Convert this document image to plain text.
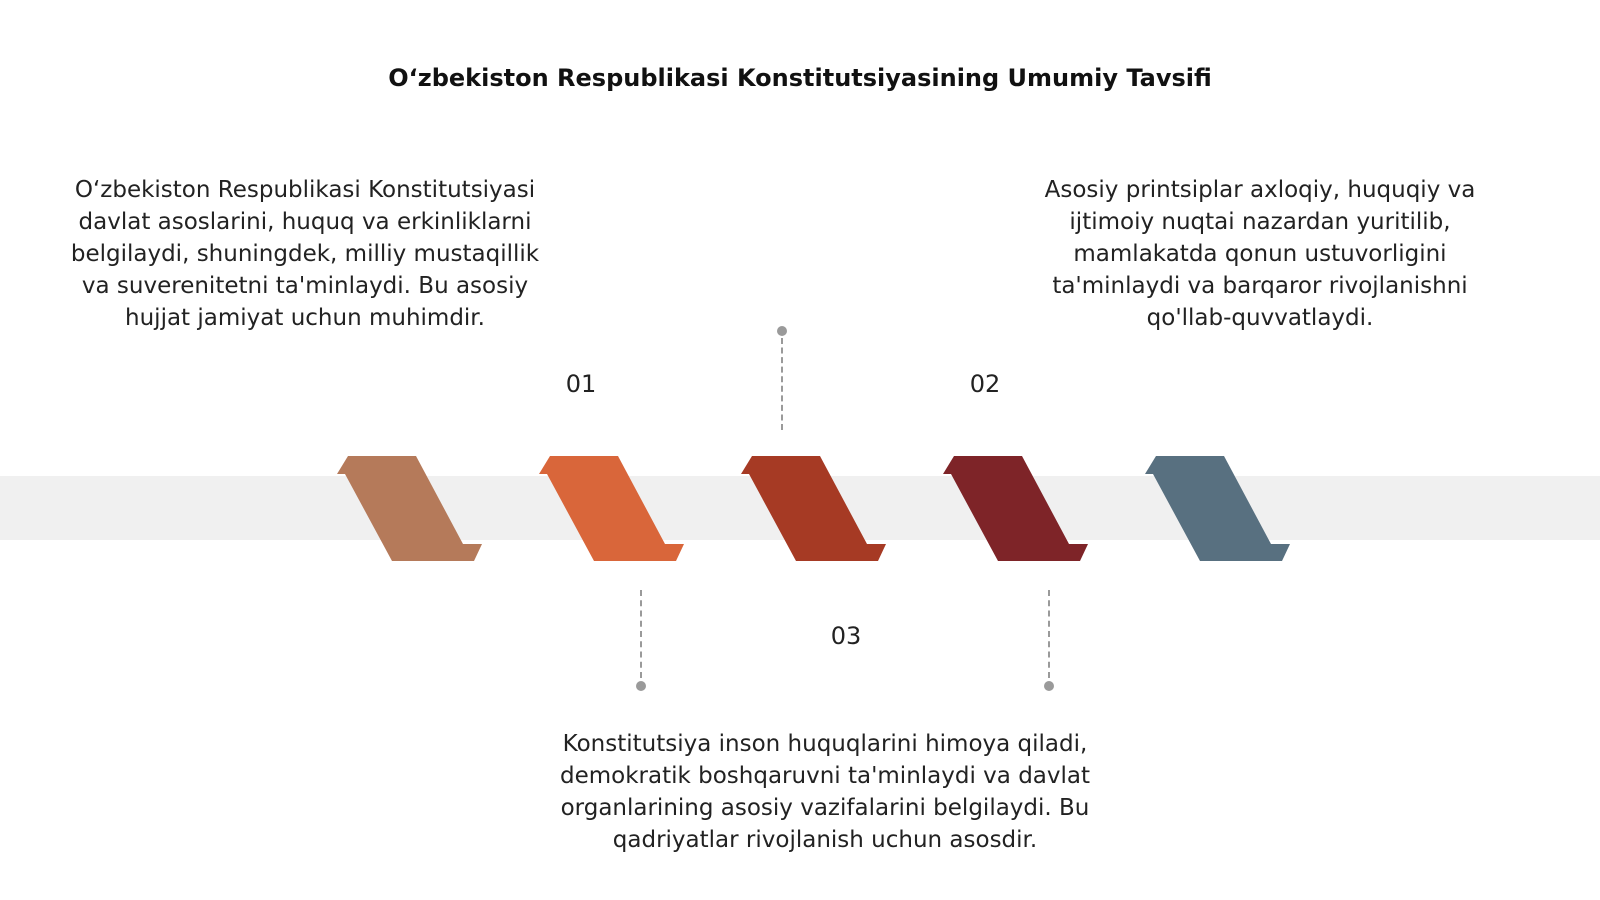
O‘zbekiston Respublikasi Konstitutsiyasining Umumiy Tavsifi
O‘zbekiston Respublikasi Konstitutsiyasi davlat asoslarini, huquq va erkinliklarni belgilaydi, shuningdek, milliy mustaqillik va suverenitetni ta'minlaydi. Bu asosiy hujjat jamiyat uchun muhimdir.
Asosiy printsiplar axloqiy, huquqiy va ijtimoiy nuqtai nazardan yuritilib, mamlakatda qonun ustuvorligini ta'minlaydi va barqaror rivojlanishni qo'llab-quvvatlaydi.
Konstitutsiya inson huquqlarini himoya qiladi, demokratik boshqaruvni ta'minlaydi va davlat organlarining asosiy vazifalarini belgilaydi. Bu qadriyatlar rivojlanish uchun asosdir.
01	02
03
